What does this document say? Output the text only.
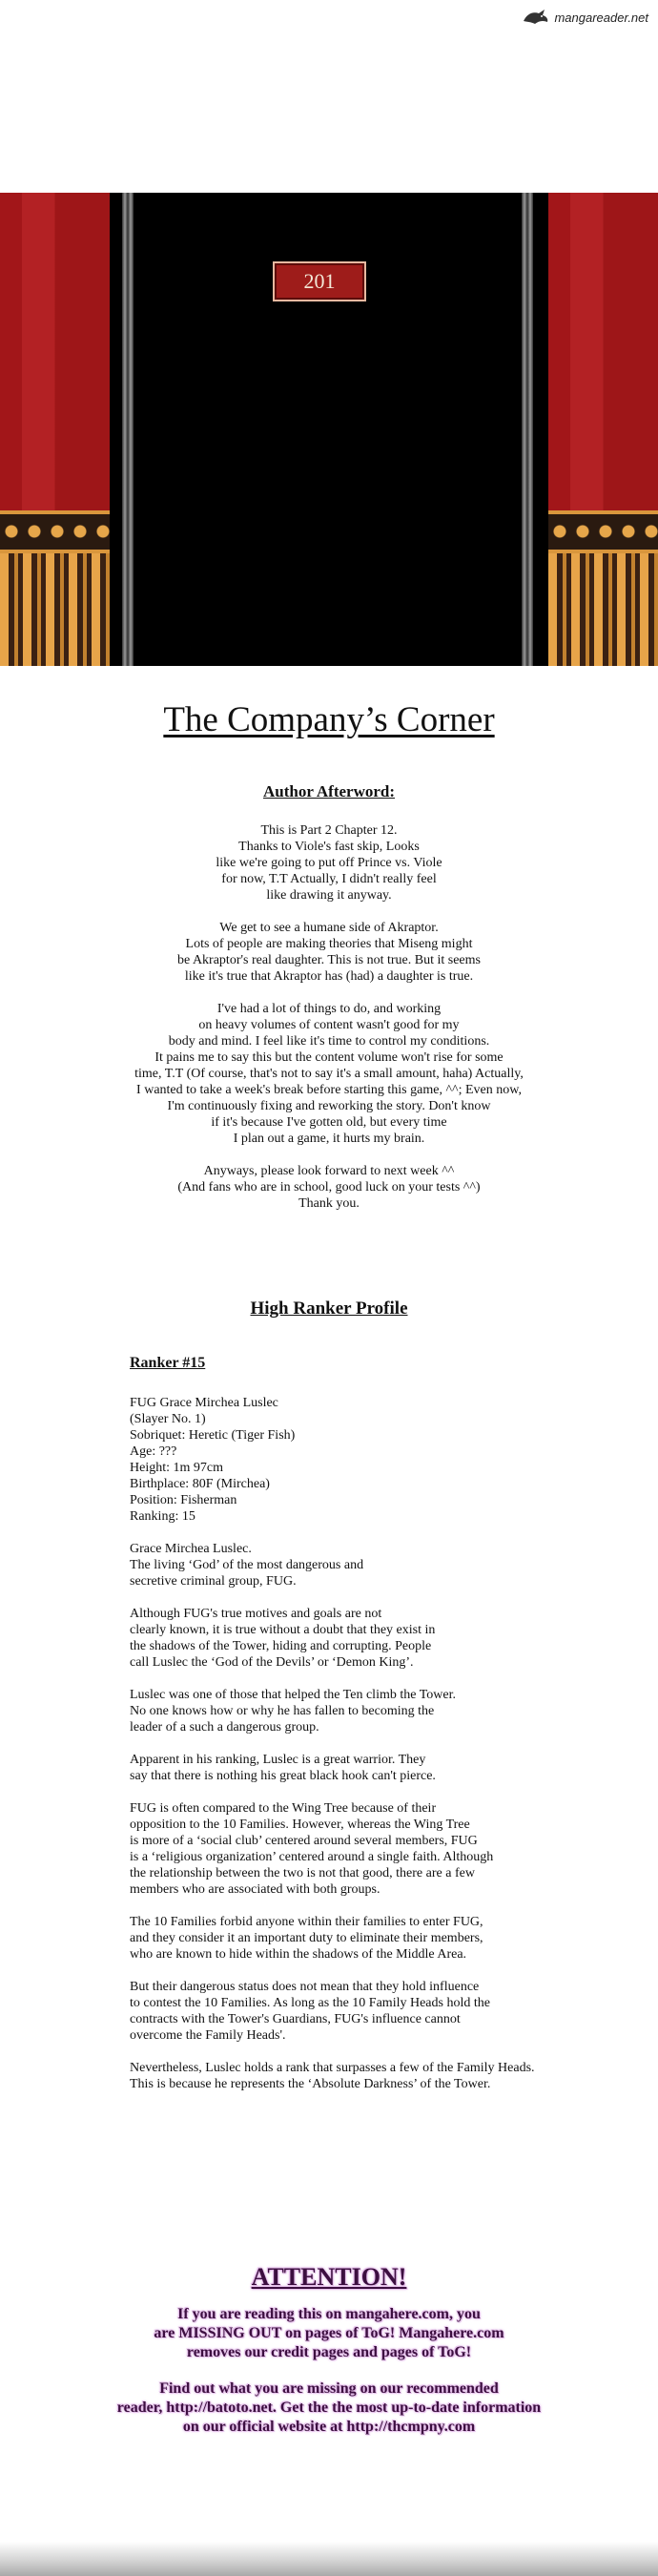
mangareader.net
201
The Company’s Corner
Author Afterword:

This is Part 2 Chapter 12.
Thanks to Viole's fast skip, Looks
like we're going to put off Prince vs. Viole
for now, T.T Actually, I didn't really feel
like drawing it anyway.

We get to see a humane side of Akraptor.
Lots of people are making theories that Miseng might
be Akraptor's real daughter. This is not true. But it seems
like it's true that Akraptor has (had) a daughter is true.

I've had a lot of things to do, and working
on heavy volumes of content wasn't good for my
body and mind. I feel like it's time to control my conditions.
It pains me to say this but the content volume won't rise for some
time, T.T (Of course, that's not to say it's a small amount, haha) Actually,
I wanted to take a week's break before starting this game, ^^; Even now,
I'm continuously fixing and reworking the story. Don't know
if it's because I've gotten old, but every time
I plan out a game, it hurts my brain.

Anyways, please look forward to next week ^^
(And fans who are in school, good luck on your tests ^^)
Thank you.

High Ranker Profile
Ranker #15

FUG Grace Mirchea Luslec
(Slayer No. 1)
Sobriquet: Heretic (Tiger Fish)
Age: ???
Height: 1m 97cm
Birthplace: 80F (Mirchea)
Position: Fisherman
Ranking: 15

Grace Mirchea Luslec.
The living ‘God’ of the most dangerous and
secretive criminal group, FUG.

Although FUG's true motives and goals are not
clearly known, it is true without a doubt that they exist in
the shadows of the Tower, hiding and corrupting. People
call Luslec the ‘God of the Devils’ or ‘Demon King’.

Luslec was one of those that helped the Ten climb the Tower.
No one knows how or why he has fallen to becoming the
leader of a such a dangerous group.

Apparent in his ranking, Luslec is a great warrior. They
say that there is nothing his great black hook can't pierce.

FUG is often compared to the Wing Tree because of their
opposition to the 10 Families. However, whereas the Wing Tree
is more of a ‘social club’ centered around several members, FUG
is a ‘religious organization’ centered around a single faith. Although
the relationship between the two is not that good, there are a few
members who are associated with both groups.

The 10 Families forbid anyone within their families to enter FUG,
and they consider it an important duty to eliminate their members,
who are known to hide within the shadows of the Middle Area.

But their dangerous status does not mean that they hold influence
to contest the 10 Families. As long as the 10 Family Heads hold the
contracts with the Tower's Guardians, FUG's influence cannot
overcome the Family Heads'.

Nevertheless, Luslec holds a rank that surpasses a few of the Family Heads.
This is because he represents the ‘Absolute Darkness’ of the Tower.

ATTENTION!
If you are reading this on mangahere.com, you
are MISSING OUT on pages of ToG! Mangahere.com
removes our credit pages and pages of ToG!
Find out what you are missing on our recommended
reader, http://batoto.net. Get the the most up-to-date information
on our official website at http://thcmpny.com
